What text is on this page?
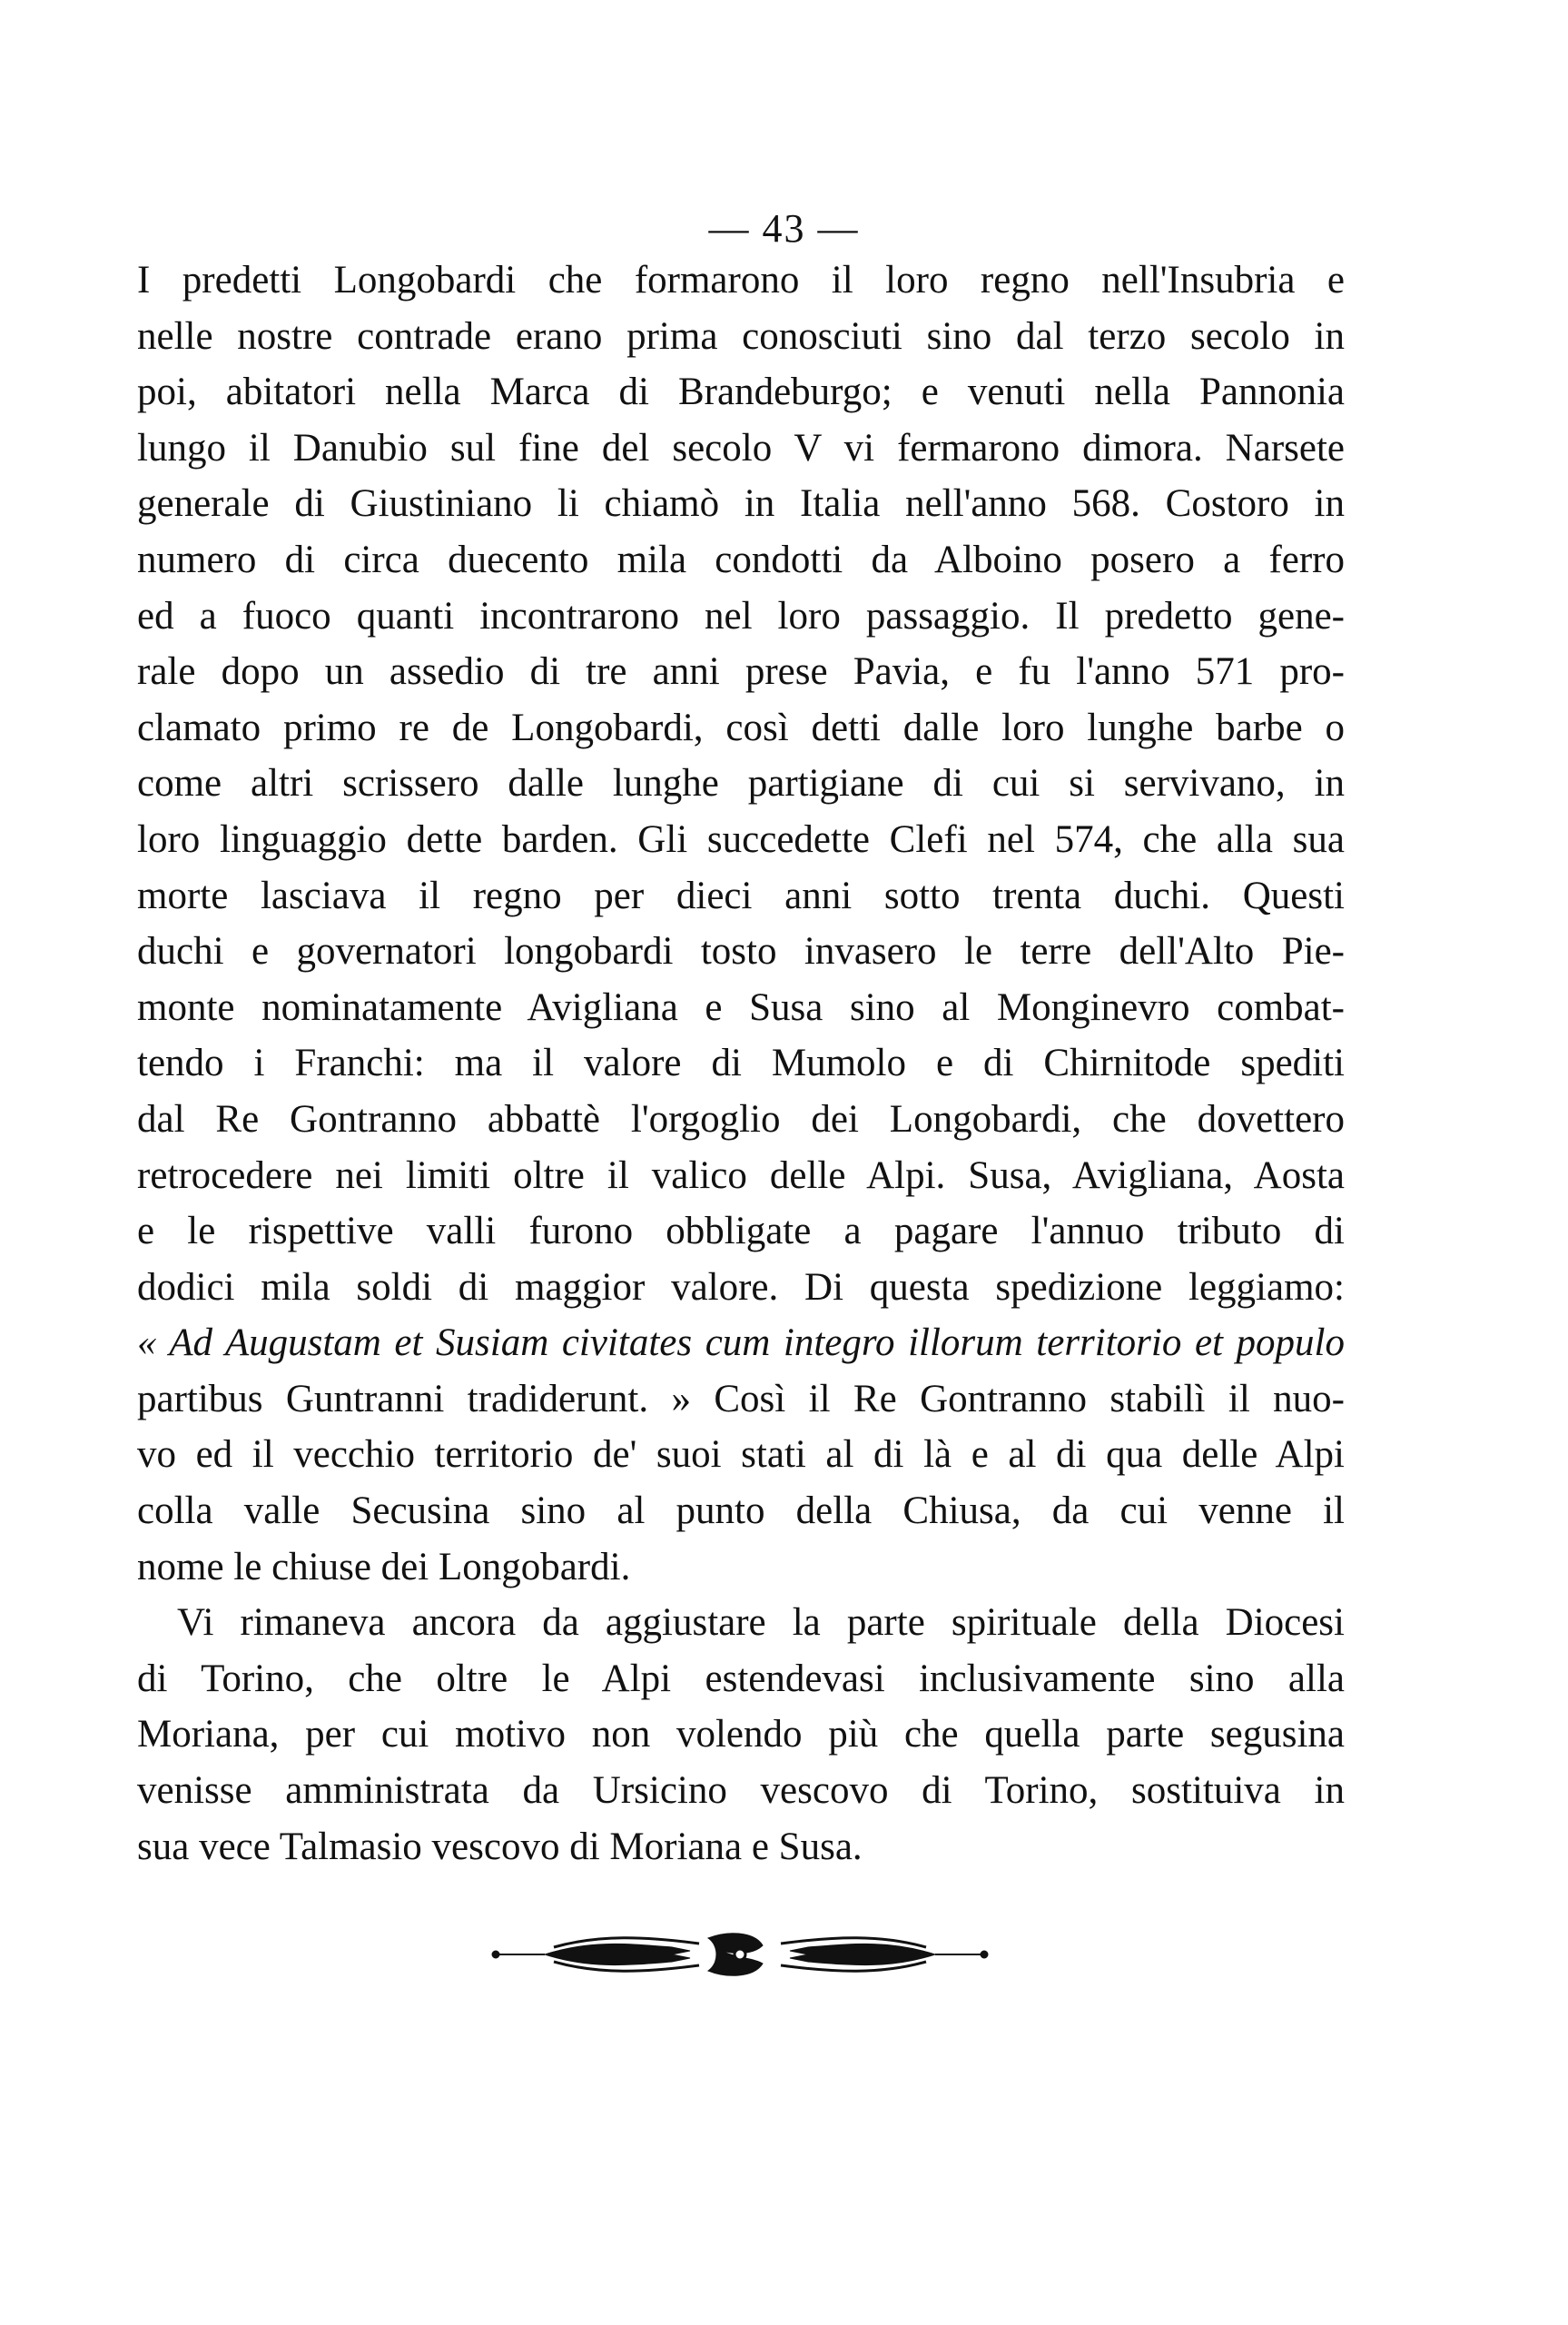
— 43 —
I predetti Longobardi che formarono il loro regno nell'Insubria e
nelle nostre contrade erano prima conosciuti sino dal terzo secolo in
poi, abitatori nella Marca di Brandeburgo; e venuti nella Pannonia
lungo il Danubio sul fine del secolo V vi fermarono dimora. Narsete
generale di Giustiniano li chiamò in Italia nell'anno 568. Costoro in
numero di circa duecento mila condotti da Alboino posero a ferro
ed a fuoco quanti incontrarono nel loro passaggio. Il predetto gene-
rale dopo un assedio di tre anni prese Pavia, e fu l'anno 571 pro-
clamato primo re de Longobardi, così detti dalle loro lunghe barbe o
come altri scrissero dalle lunghe partigiane di cui si servivano, in
loro linguaggio dette barden. Gli succedette Clefi nel 574, che alla sua
morte lasciava il regno per dieci anni sotto trenta duchi. Questi
duchi e governatori longobardi tosto invasero le terre dell'Alto Pie-
monte nominatamente Avigliana e Susa sino al Monginevro combat-
tendo i Franchi: ma il valore di Mumolo e di Chirnitode spediti
dal Re Gontranno abbattè l'orgoglio dei Longobardi, che dovettero
retrocedere nei limiti oltre il valico delle Alpi. Susa, Avigliana, Aosta
e le rispettive valli furono obbligate a pagare l'annuo tributo di
dodici mila soldi di maggior valore. Di questa spedizione leggiamo:
« Ad Augustam et Susiam civitates cum integro illorum territorio et populo
partibus Guntranni tradiderunt. » Così il Re Gontranno stabilì il nuo-
vo ed il vecchio territorio de' suoi stati al di là e al di qua delle Alpi
colla valle Secusina sino al punto della Chiusa, da cui venne il
nome le chiuse dei Longobardi.
Vi rimaneva ancora da aggiustare la parte spirituale della Diocesi
di Torino, che oltre le Alpi estendevasi inclusivamente sino alla
Moriana, per cui motivo non volendo più che quella parte segusina
venisse amministrata da Ursicino vescovo di Torino, sostituiva in
sua vece Talmasio vescovo di Moriana e Susa.
